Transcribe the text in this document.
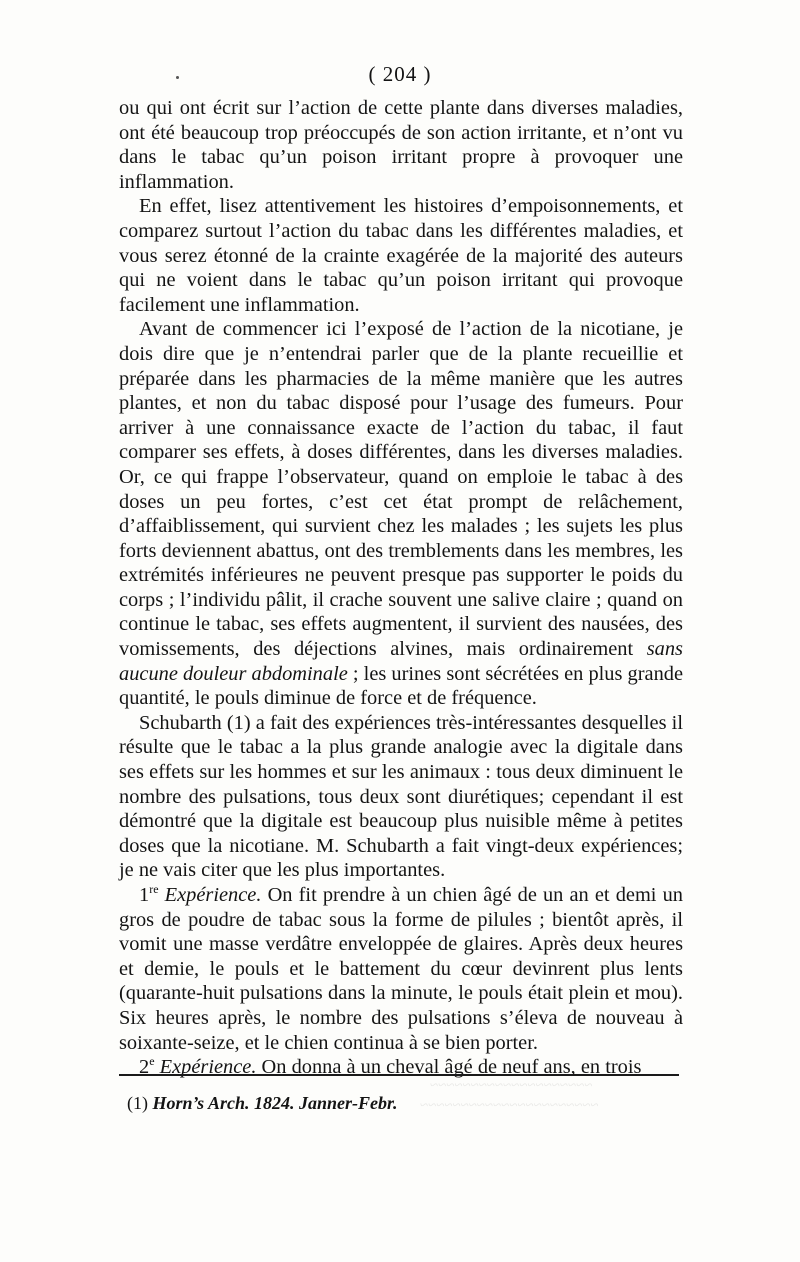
~~~~~~~~~~~~~~~~~~~~
~~~~~~~~~~~~~~~~~~~~~~
( 204 )

ou qui ont écrit sur l’action de cette plante dans diverses maladies, ont été beaucoup trop préoccupés de son action irritante, et n’ont vu dans le tabac qu’un poison irritant propre à provoquer une inflammation.

En effet, lisez attentivement les histoires d’empoisonnements, et comparez surtout l’action du tabac dans les différentes maladies, et vous serez étonné de la crainte exagérée de la majorité des auteurs qui ne voient dans le tabac qu’un poison irritant qui provoque facilement une inflammation.

Avant de commencer ici l’exposé de l’action de la nicotiane, je dois dire que je n’entendrai parler que de la plante recueillie et préparée dans les pharmacies de la même manière que les autres plantes, et non du tabac disposé pour l’usage des fumeurs. Pour arriver à une connaissance exacte de l’action du tabac, il faut comparer ses effets, à doses différentes, dans les diverses maladies. Or, ce qui frappe l’observateur, quand on emploie le tabac à des doses un peu fortes, c’est cet état prompt de relâchement, d’affaiblissement, qui survient chez les malades ; les sujets les plus forts deviennent abattus, ont des tremblements dans les membres, les extrémités inférieures ne peuvent presque pas supporter le poids du corps ; l’individu pâlit, il crache souvent une salive claire ; quand on continue le tabac, ses effets augmentent, il survient des nausées, des vomissements, des déjections alvines, mais ordinairement sans aucune douleur abdominale ; les urines sont sécrétées en plus grande quantité, le pouls diminue de force et de fréquence.

Schubarth (1) a fait des expériences très-intéressantes desquelles il résulte que le tabac a la plus grande analogie avec la digitale dans ses effets sur les hommes et sur les animaux : tous deux diminuent le nombre des pulsations, tous deux sont diurétiques; cependant il est démontré que la digitale est beaucoup plus nuisible même à petites doses que la nicotiane. M. Schubarth a fait vingt-deux expériences; je ne vais citer que les plus importantes.

1re Expérience. On fit prendre à un chien âgé de un an et demi un gros de poudre de tabac sous la forme de pilules ; bientôt après, il vomit une masse verdâtre enveloppée de glaires. Après deux heures et demie, le pouls et le battement du cœur devinrent plus lents (quarante-huit pulsations dans la minute, le pouls était plein et mou). Six heures après, le nombre des pulsations s’éleva de nouveau à soixante-seize, et le chien continua à se bien porter.

2e Expérience. On donna à un cheval âgé de neuf ans, en trois

(1) Horn’s Arch. 1824. Janner-Febr.
